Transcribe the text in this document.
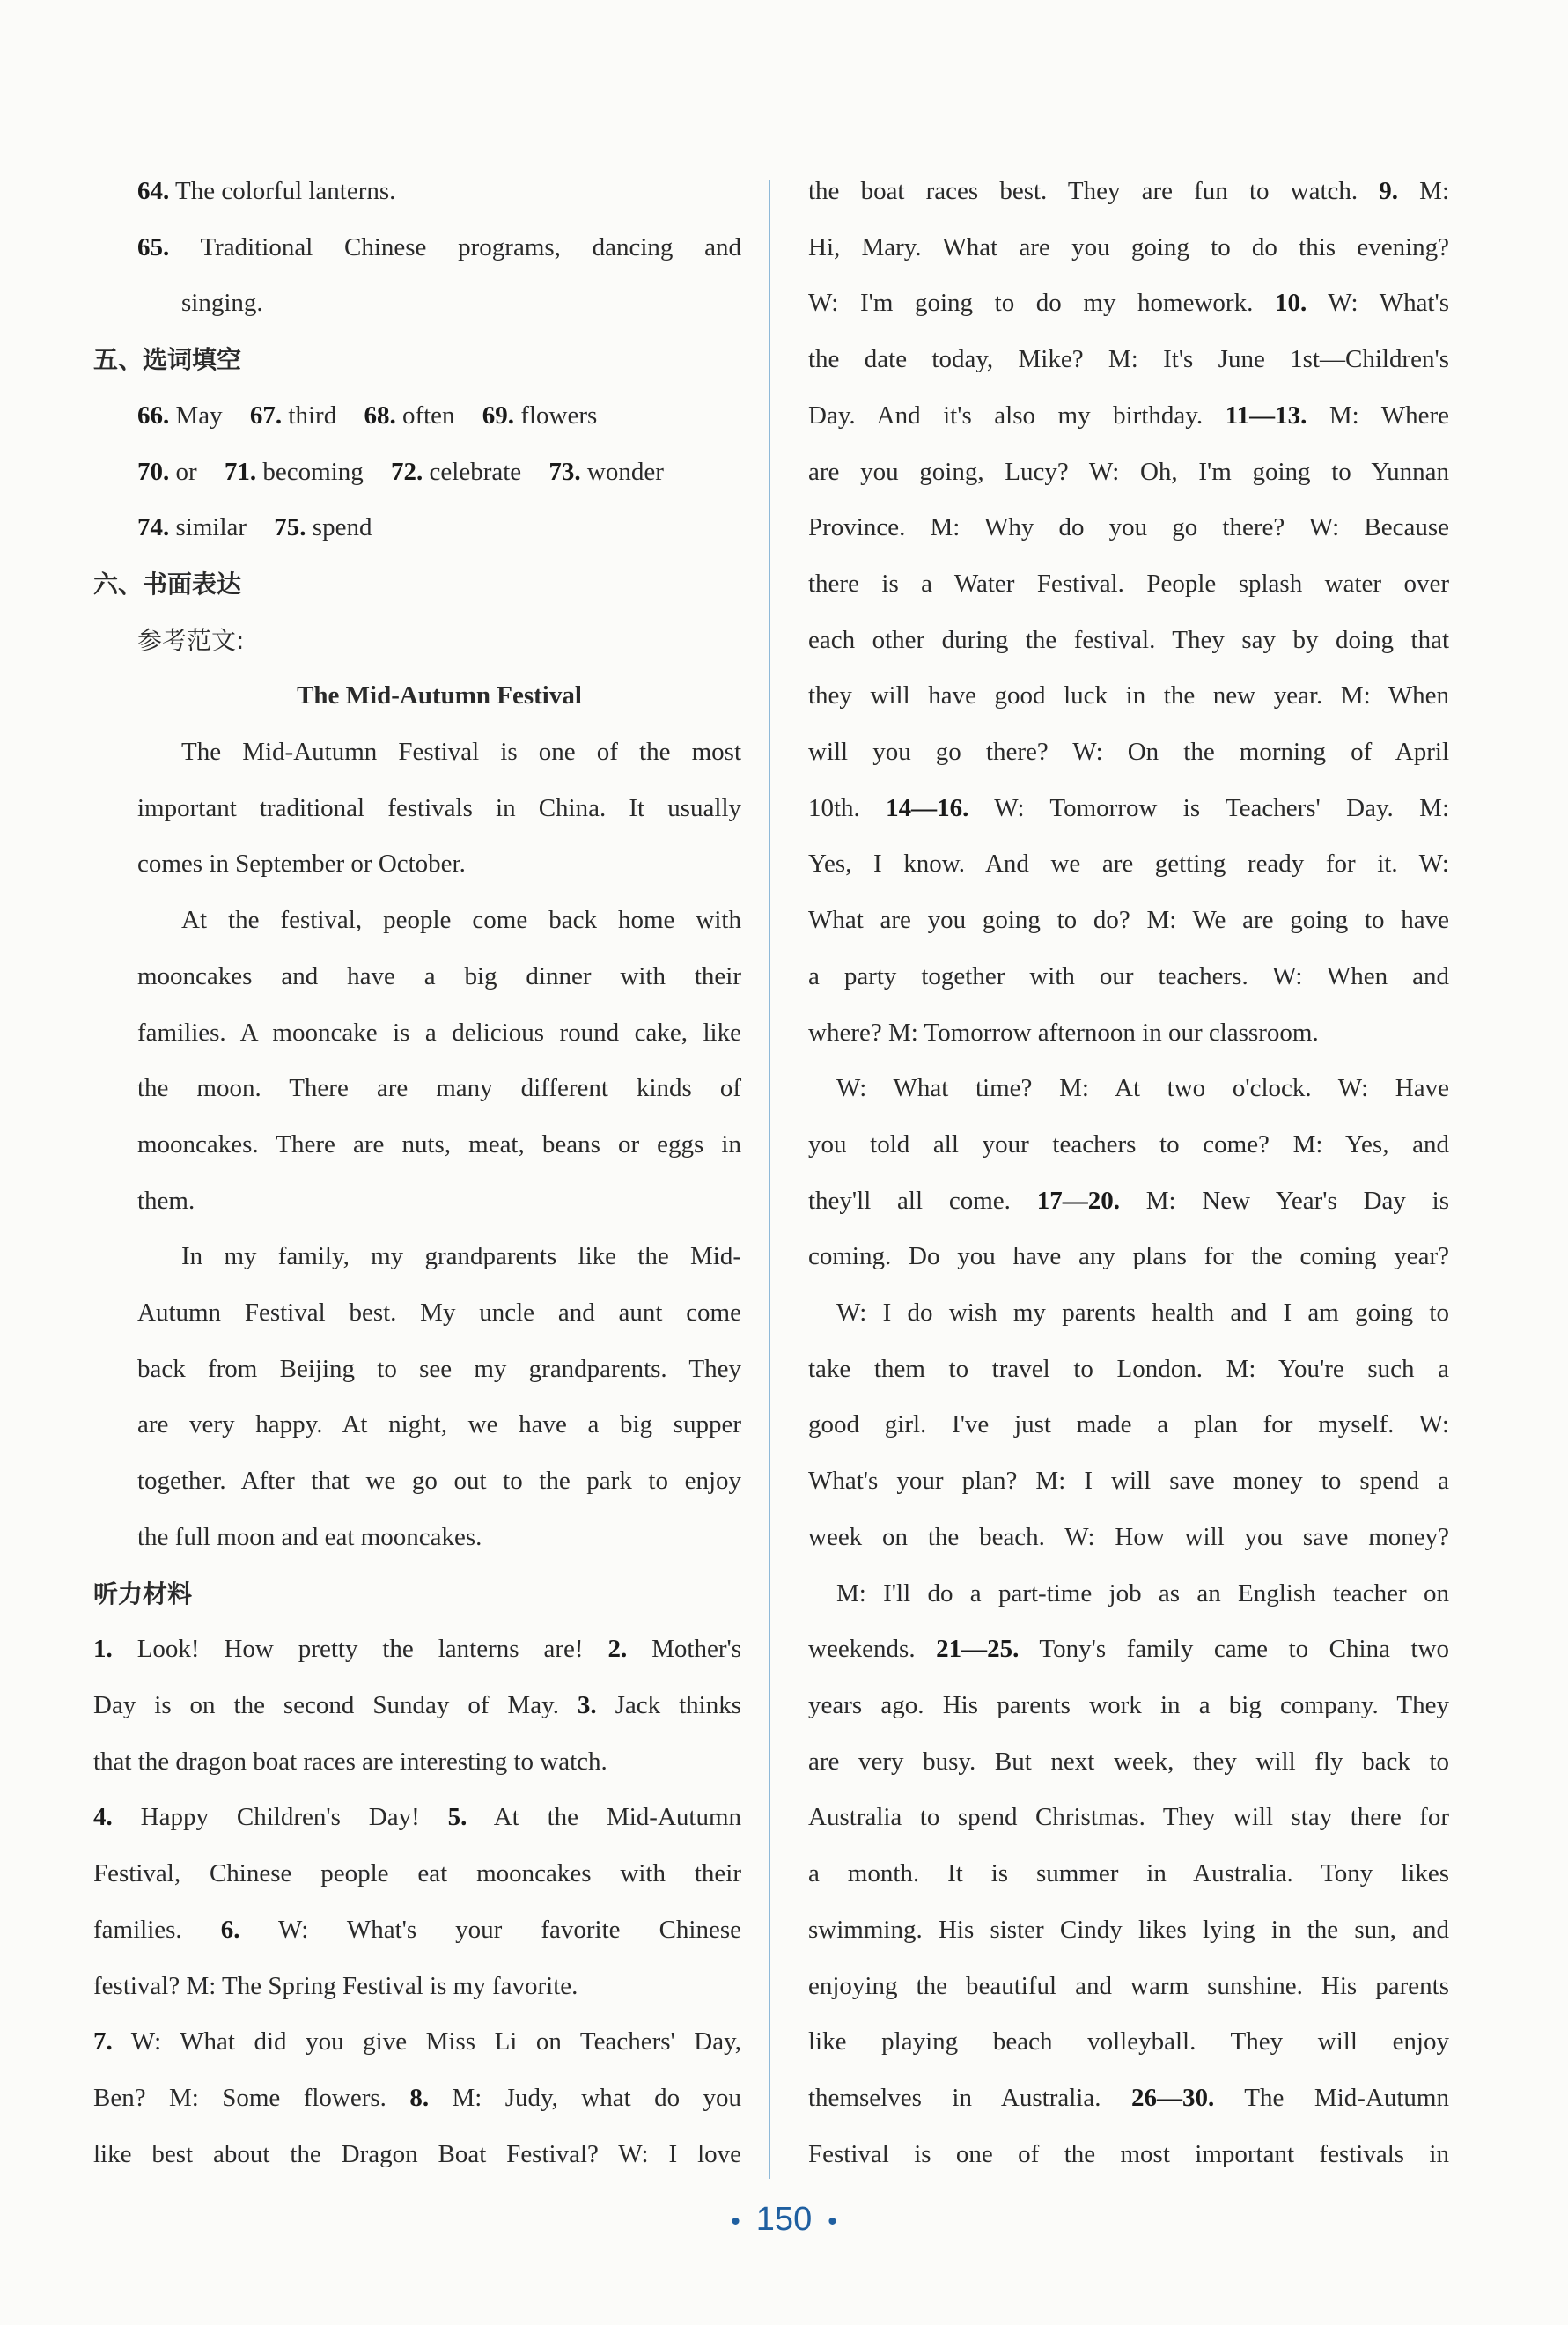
64. The colorful lanterns.
65. Traditional Chinese programs, dancing and
singing.
五、选词填空
66. May 67. third 68. often 69. flowers
70. or 71. becoming 72. celebrate 73. wonder
74. similar 75. spend
六、书面表达
参考范文:
The Mid-Autumn Festival
The Mid-Autumn Festival is one of the most
important traditional festivals in China. It usually
comes in September or October.
At the festival, people come back home with
mooncakes and have a big dinner with their
families. A mooncake is a delicious round cake, like
the moon. There are many different kinds of
mooncakes. There are nuts, meat, beans or eggs in
them.
In my family, my grandparents like the Mid-
Autumn Festival best. My uncle and aunt come
back from Beijing to see my grandparents. They
are very happy. At night, we have a big supper
together. After that we go out to the park to enjoy
the full moon and eat mooncakes.
听力材料
1. Look! How pretty the lanterns are! 2. Mother's
Day is on the second Sunday of May. 3. Jack thinks
that the dragon boat races are interesting to watch.
4. Happy Children's Day! 5. At the Mid-Autumn
Festival, Chinese people eat mooncakes with their
families. 6. W: What's your favorite Chinese
festival? M: The Spring Festival is my favorite.
7. W: What did you give Miss Li on Teachers' Day,
Ben? M: Some flowers. 8. M: Judy, what do you
like best about the Dragon Boat Festival? W: I love
the boat races best. They are fun to watch. 9. M:
Hi, Mary. What are you going to do this evening?
W: I'm going to do my homework. 10. W: What's
the date today, Mike? M: It's June 1st—Children's
Day. And it's also my birthday. 11—13. M: Where
are you going, Lucy? W: Oh, I'm going to Yunnan
Province. M: Why do you go there? W: Because
there is a Water Festival. People splash water over
each other during the festival. They say by doing that
they will have good luck in the new year. M: When
will you go there? W: On the morning of April
10th. 14—16. W: Tomorrow is Teachers' Day. M:
Yes, I know. And we are getting ready for it. W:
What are you going to do? M: We are going to have
a party together with our teachers. W: When and
where? M: Tomorrow afternoon in our classroom.
W: What time? M: At two o'clock. W: Have
you told all your teachers to come? M: Yes, and
they'll all come. 17—20. M: New Year's Day is
coming. Do you have any plans for the coming year?
W: I do wish my parents health and I am going to
take them to travel to London. M: You're such a
good girl. I've just made a plan for myself. W:
What's your plan? M: I will save money to spend a
week on the beach. W: How will you save money?
M: I'll do a part-time job as an English teacher on
weekends. 21—25. Tony's family came to China two
years ago. His parents work in a big company. They
are very busy. But next week, they will fly back to
Australia to spend Christmas. They will stay there for
a month. It is summer in Australia. Tony likes
swimming. His sister Cindy likes lying in the sun, and
enjoying the beautiful and warm sunshine. His parents
like playing beach volleyball. They will enjoy
themselves in Australia. 26—30. The Mid-Autumn
Festival is one of the most important festivals in
• 150 •
